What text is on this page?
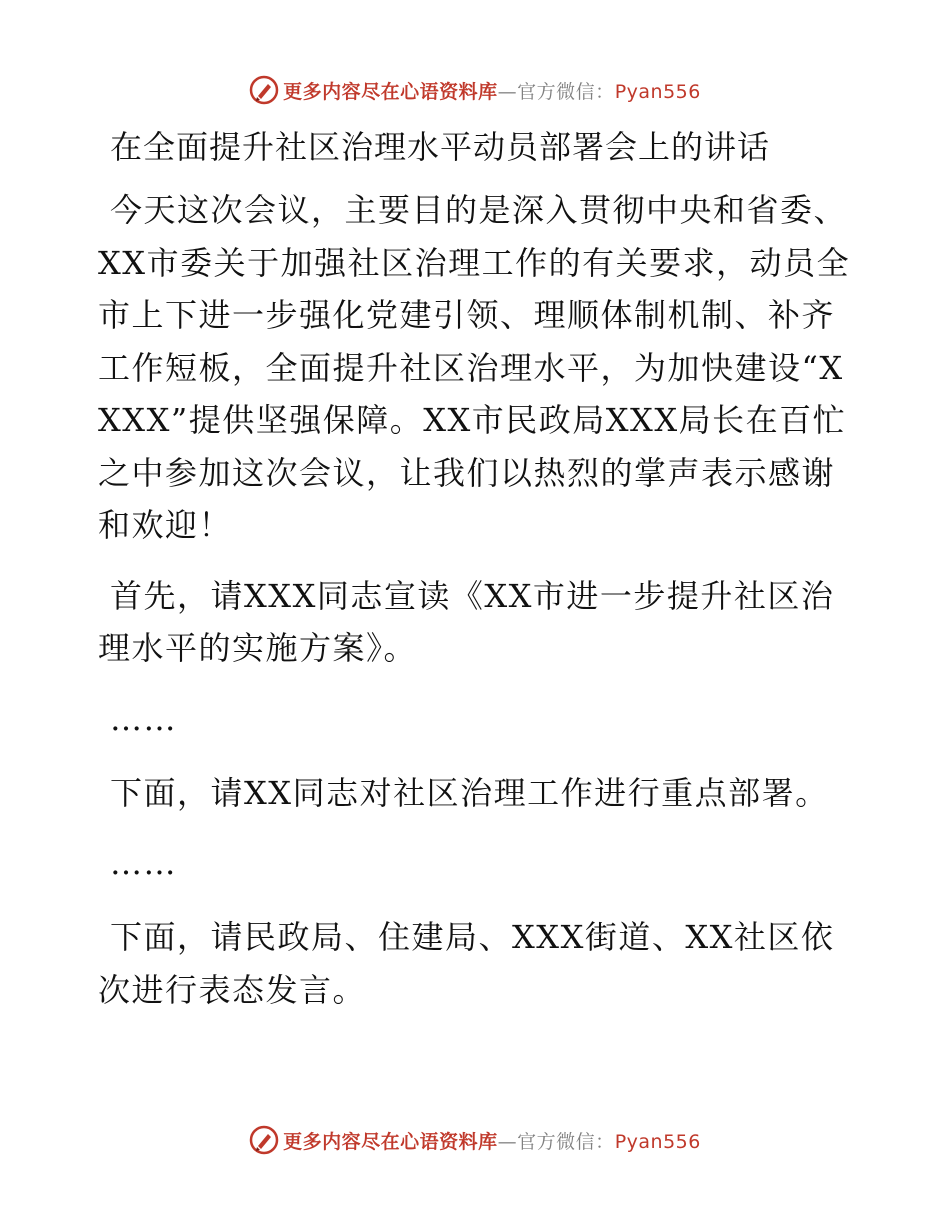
更多内容尽在心语资料库—官方微信：Pyan556
在全面提升社区治理水平动员部署会上的讲话

今天这次会议，主要目的是深入贯彻中央和省委、XX市委关于加强社区治理工作的有关要求，动员全市上下进一步强化党建引领、理顺体制机制、补齐工作短板，全面提升社区治理水平，为加快建设“XXXX”提供坚强保障。XX市民政局XXX局长在百忙之中参加这次会议，让我们以热烈的掌声表示感谢和欢迎！

首先，请XXX同志宣读《XX市进一步提升社区治理水平的实施方案》。

……

下面，请XX同志对社区治理工作进行重点部署。

……

下面，请民政局、住建局、XXX街道、XX社区依次进行表态发言。

更多内容尽在心语资料库—官方微信：Pyan556
